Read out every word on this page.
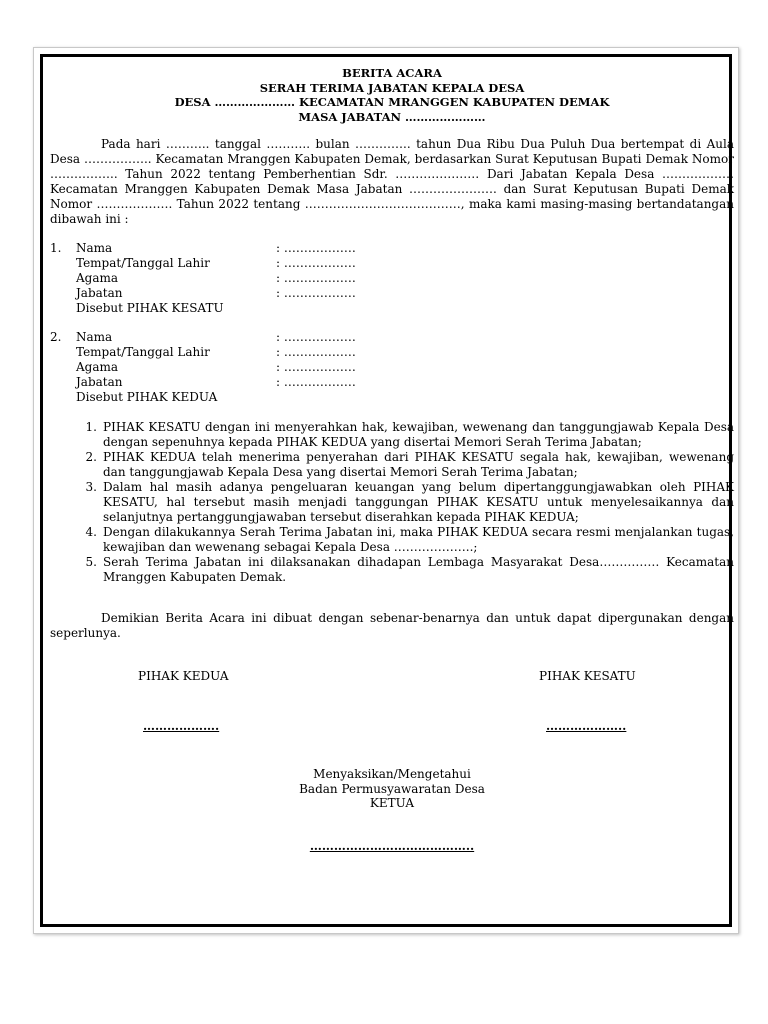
BERITA ACARA
SERAH TERIMA JABATAN KEPALA DESA
DESA ………………… KECAMATAN MRANGGEN KABUPATEN DEMAK
MASA JABATAN …………………

Pada hari ……….. tanggal ……….. bulan ………….. tahun Dua Ribu Dua Puluh Dua bertempat di Aula Desa …………….. Kecamatan Mranggen Kabupaten Demak, berdasarkan Surat Keputusan Bupati Demak Nomor …………….. Tahun 2022 tentang Pemberhentian Sdr. ………………… Dari Jabatan Kepala Desa ……………… Kecamatan Mranggen Kabupaten Demak Masa Jabatan …………………. dan Surat Keputusan Bupati Demak Nomor ………………. Tahun 2022 tentang …………………………………, maka kami masing-masing bertandatangan dibawah ini :

1.	Nama	: ………………
Tempat/Tanggal Lahir	: ………………
Agama	: ………………
Jabatan	: ………………
Disebut PIHAK KESATU
2.	Nama	: ………………
Tempat/Tanggal Lahir	: ………………
Agama	: ………………
Jabatan	: ………………
Disebut PIHAK KEDUA
1. PIHAK KESATU dengan ini menyerahkan hak, kewajiban, wewenang dan tanggungjawab Kepala Desa dengan sepenuhnya kepada PIHAK KEDUA yang disertai Memori Serah Terima Jabatan;
2. PIHAK KEDUA telah menerima penyerahan dari PIHAK KESATU segala hak, kewajiban, wewenang dan tanggungjawab Kepala Desa yang disertai Memori Serah Terima Jabatan;
3. Dalam hal masih adanya pengeluaran keuangan yang belum dipertanggungjawabkan oleh PIHAK KESATU, hal tersebut masih menjadi tanggungan PIHAK KESATU untuk menyelesaikannya dan selanjutnya pertanggungjawaban tersebut diserahkan kepada PIHAK KEDUA;
4. Dengan dilakukannya Serah Terima Jabatan ini, maka PIHAK KEDUA secara resmi menjalankan tugas, kewajiban dan wewenang sebagai Kepala Desa ………………..;
5. Serah Terima Jabatan ini dilaksanakan dihadapan Lembaga Masyarakat Desa…………… Kecamatan Mranggen Kabupaten Demak.

Demikian Berita Acara ini dibuat dengan sebenar-benarnya dan untuk dapat dipergunakan dengan seperlunya.

PIHAK KEDUA	PIHAK KESATU
……………….	………………..
Menyaksikan/Mengetahui
Badan Permusyawaratan Desa
KETUA
…………………………………..
